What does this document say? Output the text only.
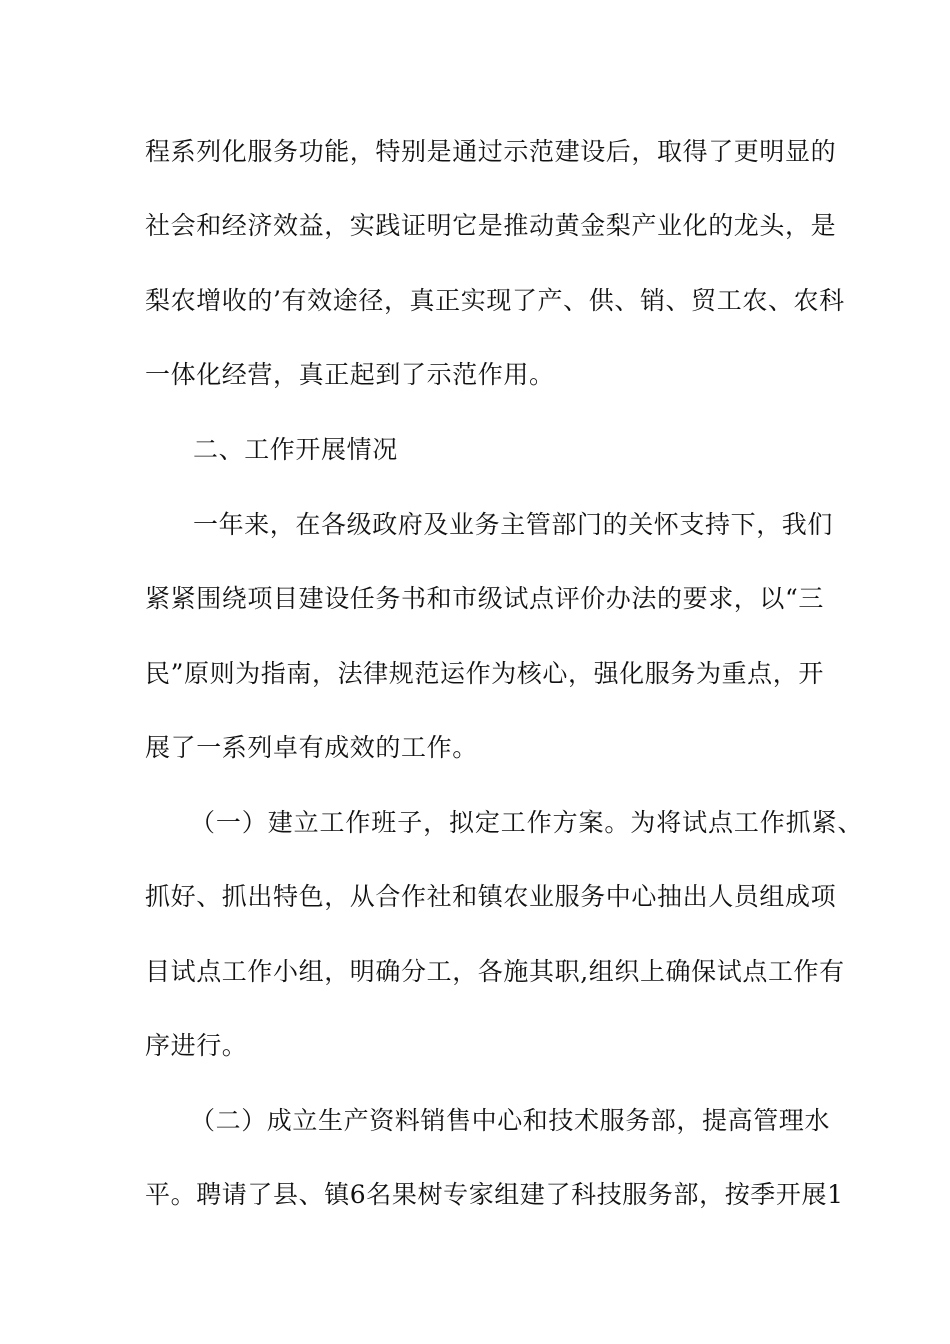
程系列化服务功能，特别是通过示范建设后，取得了更明显的
社会和经济效益，实践证明它是推动黄金梨产业化的龙头，是
梨农增收的’有效途径，真正实现了产、供、销、贸工农、农科
一体化经营，真正起到了示范作用。
二、工作开展情况
一年来，在各级政府及业务主管部门的关怀支持下，我们
紧紧围绕项目建设任务书和市级试点评价办法的要求，以“三
民”原则为指南，法律规范运作为核心，强化服务为重点，开
展了一系列卓有成效的工作。
（一）建立工作班子，拟定工作方案。为将试点工作抓紧、
抓好、抓出特色，从合作社和镇农业服务中心抽出人员组成项
目试点工作小组，明确分工，各施其职,组织上确保试点工作有
序进行。
（二）成立生产资料销售中心和技术服务部，提高管理水
平。聘请了县、镇6名果树专家组建了科技服务部，按季开展1
